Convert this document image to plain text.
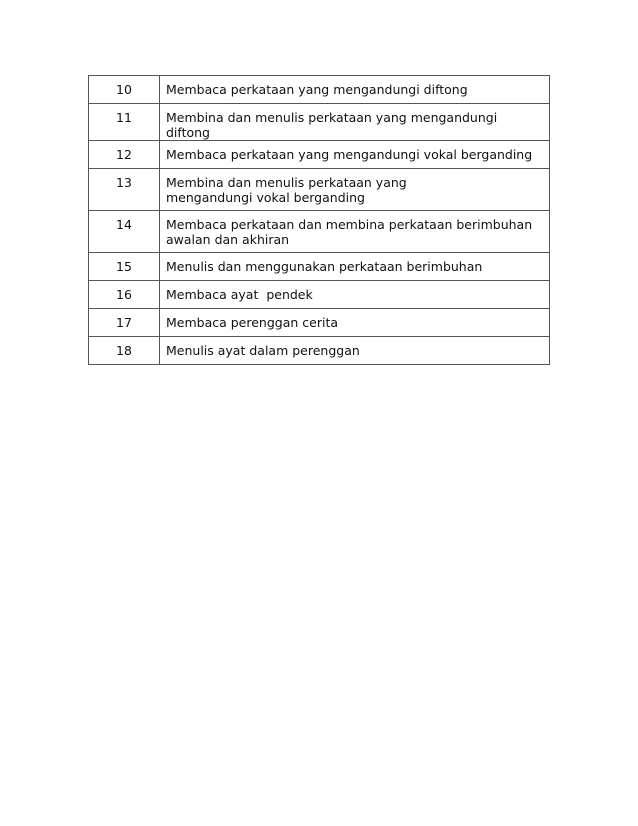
10	Membaca perkataan yang mengandungi diftong
11	Membina dan menulis perkataan yang mengandungi diftong
12	Membaca perkataan yang mengandungi vokal berganding
13	Membina dan menulis perkataan yang mengandungi vokal berganding
14	Membaca perkataan dan membina perkataan berimbuhan awalan dan akhiran
15	Menulis dan menggunakan perkataan berimbuhan
16	Membaca ayat  pendek
17	Membaca perenggan cerita
18	Menulis ayat dalam perenggan
